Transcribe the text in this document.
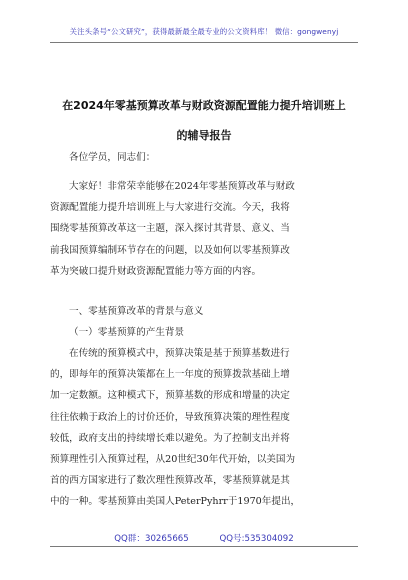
关注头条号“公文研究”，获得最新最全最专业的公文资料库！ 微信：gongwenyj
在2024年零基预算改革与财政资源配置能力提升培训班上
的辅导报告
各位学员，同志们：
大家好！非常荣幸能够在2024年零基预算改革与财政
资源配置能力提升培训班上与大家进行交流。今天，我将
围绕零基预算改革这一主题，深入探讨其背景、意义、当
前我国预算编制环节存在的问题，以及如何以零基预算改
革为突破口提升财政资源配置能力等方面的内容。
一、零基预算改革的背景与意义
（一）零基预算的产生背景
在传统的预算模式中，预算决策是基于预算基数进行
的，即每年的预算决策都在上一年度的预算拨款基础上增
加一定数额。这种模式下，预算基数的形成和增量的决定
往往依赖于政治上的讨价还价，导致预算决策的理性程度
较低，政府支出的持续增长难以避免。为了控制支出并将
预算理性引入预算过程，从20世纪30年代开始，以美国为
首的西方国家进行了数次理性预算改革，零基预算就是其
中的一种。零基预算由美国人PeterPyhrr于1970年提出，
QQ群：30265665	QQ号:535304092
